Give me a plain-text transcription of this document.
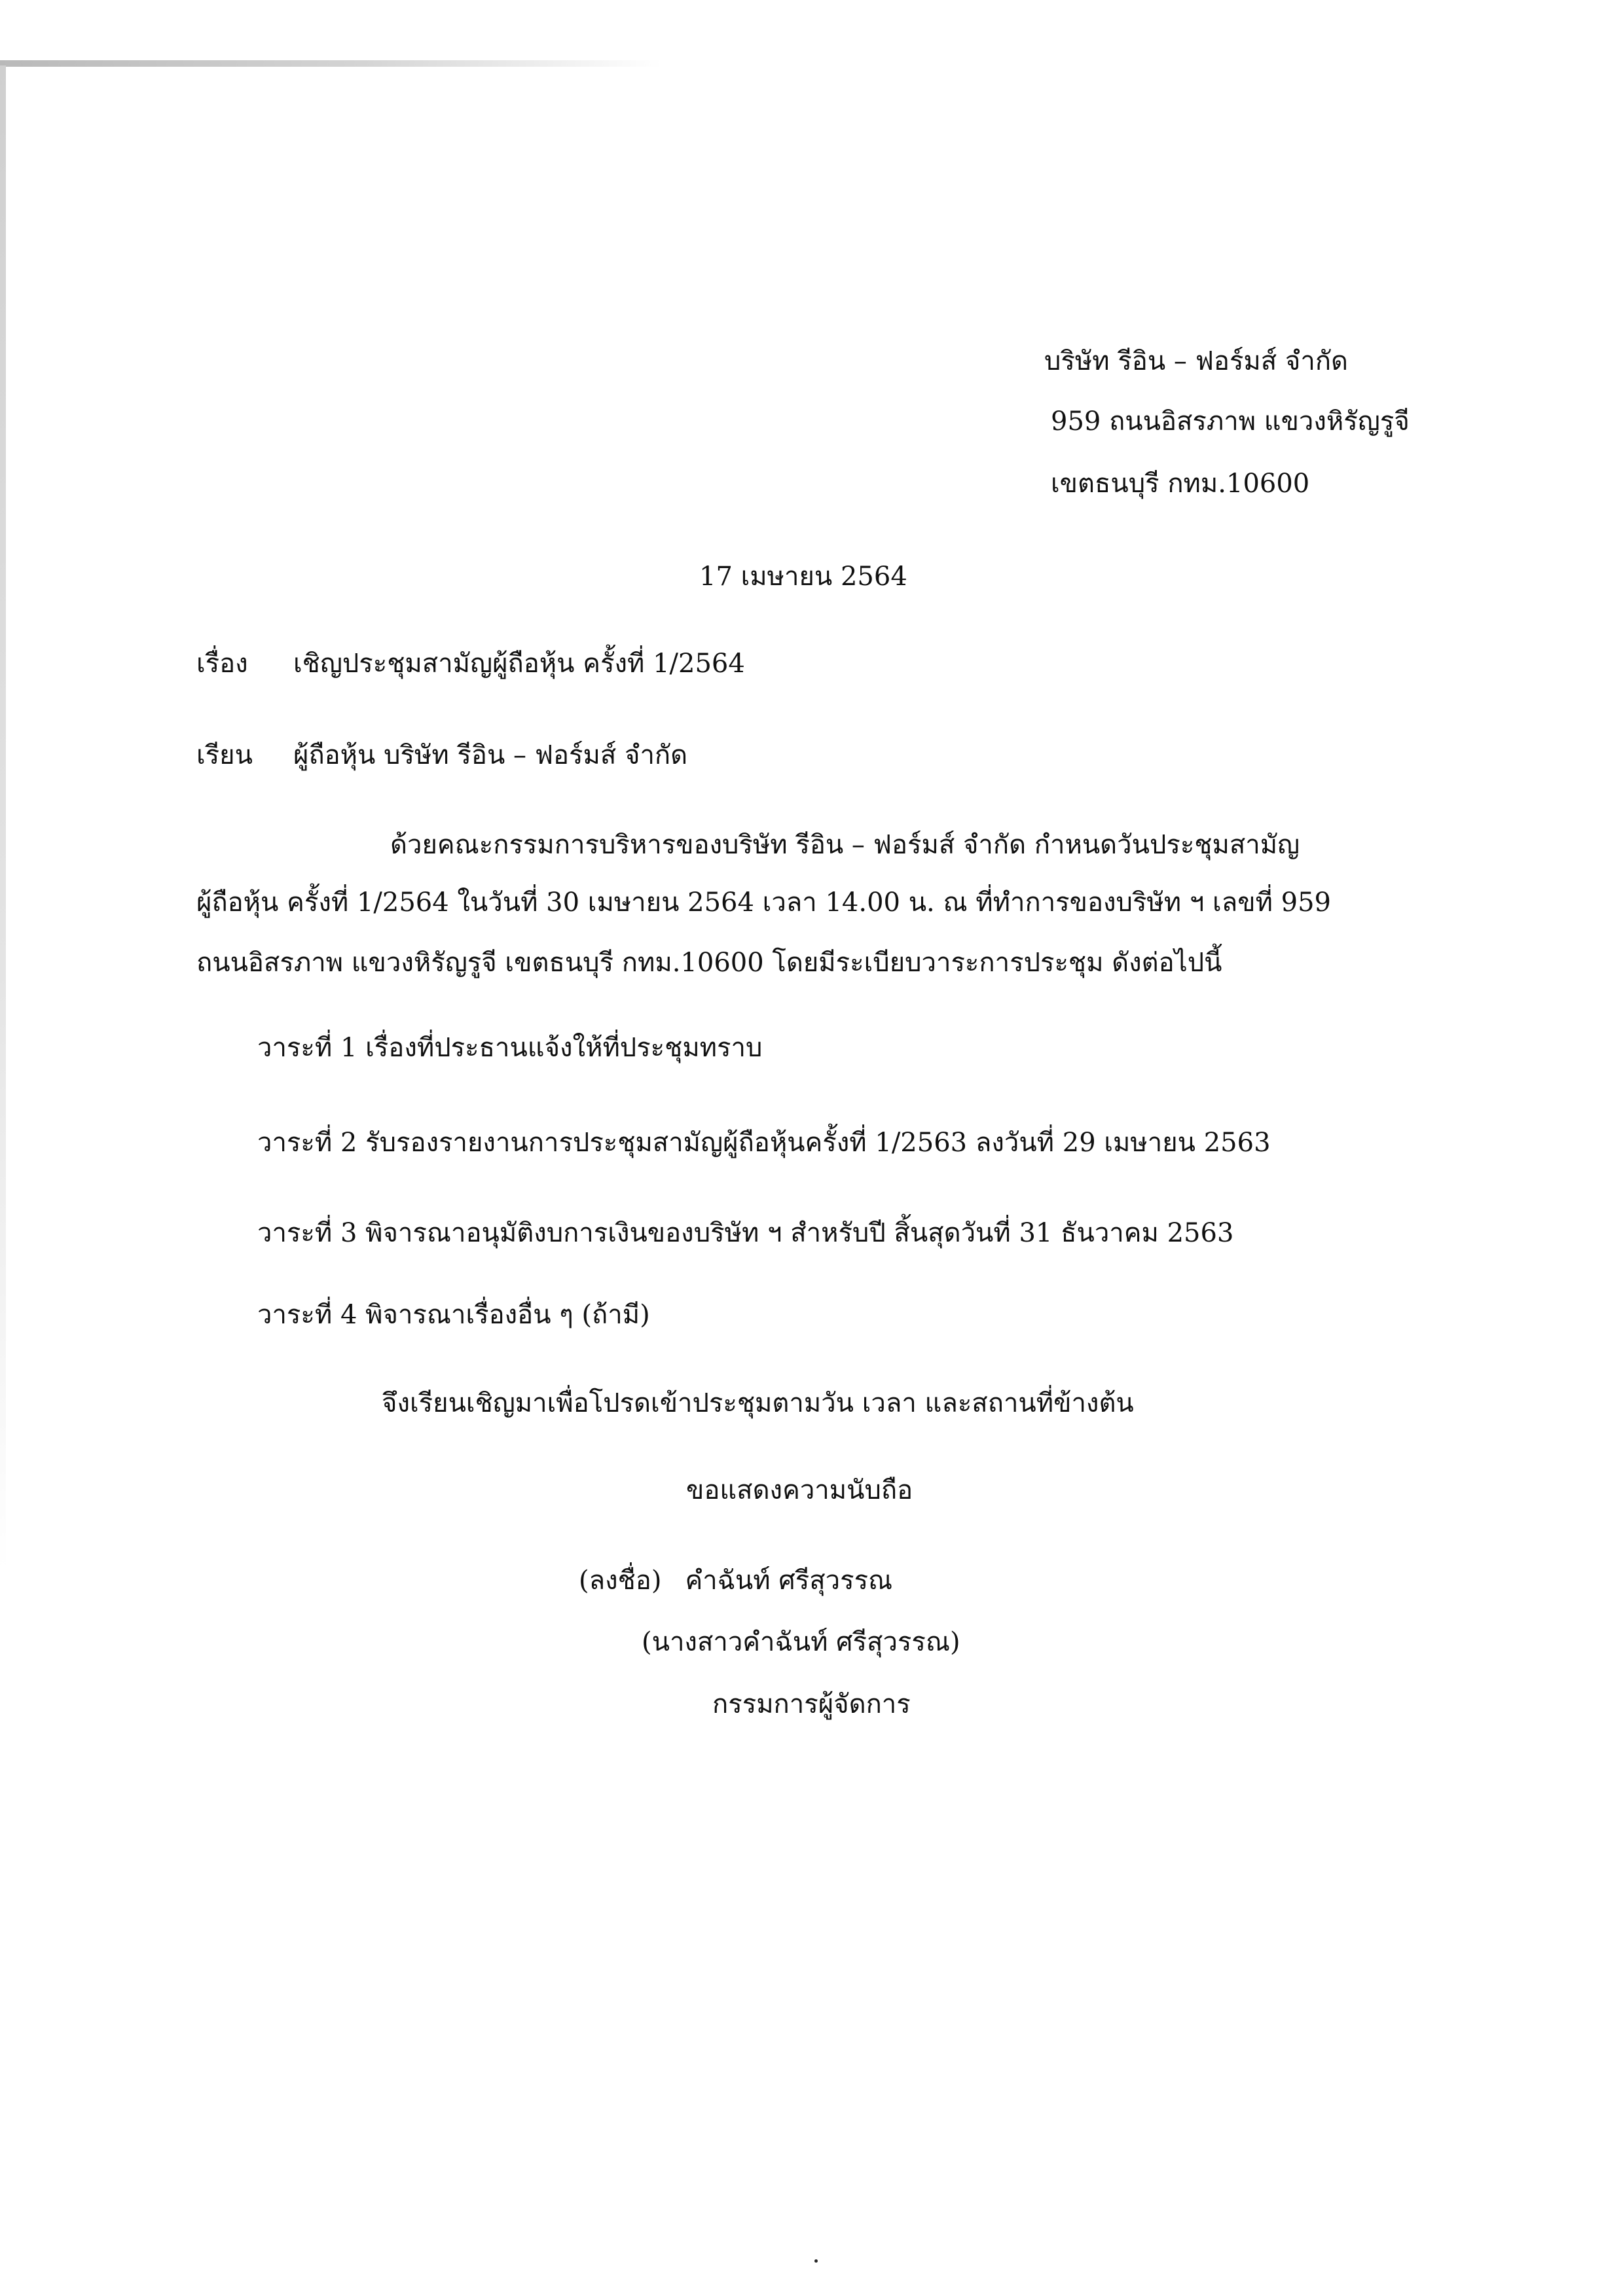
บริษัท รีอิน – ฟอร์มส์ จำกัด
959 ถนนอิสรภาพ แขวงหิรัญรูจี
เขตธนบุรี กทม.10600
17 เมษายน 2564
เรื่อง เชิญประชุมสามัญผู้ถือหุ้น ครั้งที่ 1/2564
เรียน ผู้ถือหุ้น บริษัท รีอิน – ฟอร์มส์ จำกัด
ด้วยคณะกรรมการบริหารของบริษัท รีอิน – ฟอร์มส์ จำกัด กำหนดวันประชุมสามัญ
ผู้ถือหุ้น ครั้งที่ 1/2564 ในวันที่ 30 เมษายน 2564 เวลา 14.00 น. ณ ที่ทำการของบริษัท ฯ เลขที่ 959
ถนนอิสรภาพ แขวงหิรัญรูจี เขตธนบุรี กทม.10600 โดยมีระเบียบวาระการประชุม ดังต่อไปนี้
วาระที่ 1 เรื่องที่ประธานแจ้งให้ที่ประชุมทราบ
วาระที่ 2 รับรองรายงานการประชุมสามัญผู้ถือหุ้นครั้งที่ 1/2563 ลงวันที่ 29 เมษายน 2563
วาระที่ 3 พิจารณาอนุมัติงบการเงินของบริษัท ฯ สำหรับปี สิ้นสุดวันที่ 31 ธันวาคม 2563
วาระที่ 4 พิจารณาเรื่องอื่น ๆ (ถ้ามี)
จึงเรียนเชิญมาเพื่อโปรดเข้าประชุมตามวัน เวลา และสถานที่ข้างต้น
ขอแสดงความนับถือ
(ลงชื่อ) คำฉันท์ ศรีสุวรรณ
(นางสาวคำฉันท์ ศรีสุวรรณ)
กรรมการผู้จัดการ
